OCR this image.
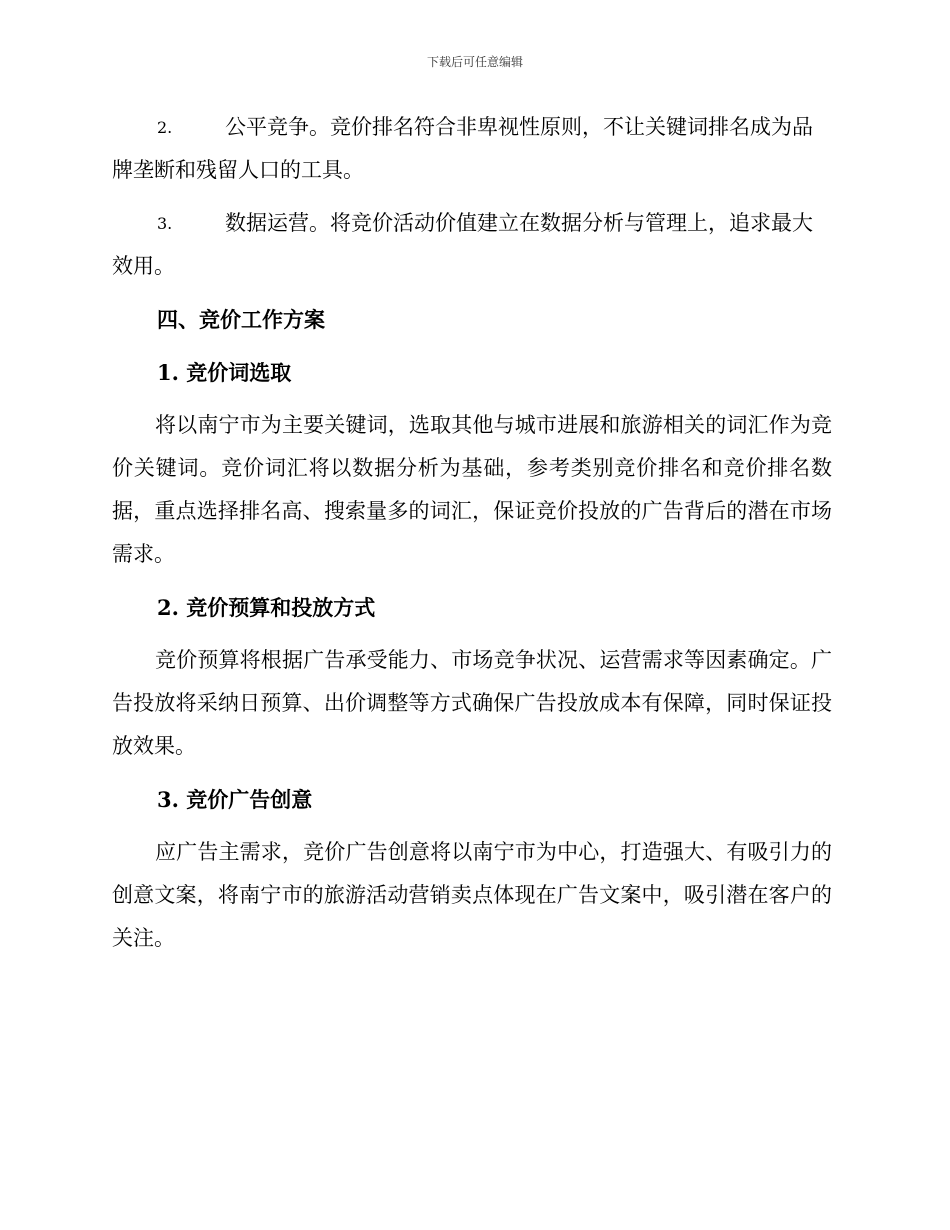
下载后可任意编辑
2.	公平竞争。竞价排名符合非卑视性原则，不让关键词排名成为品牌垄断和残留人口的工具。
3.	数据运营。将竞价活动价值建立在数据分析与管理上，追求最大效用。
四、竞价工作方案
1. 竞价词选取

将以南宁市为主要关键词，选取其他与城市进展和旅游相关的词汇作为竞价关键词。竞价词汇将以数据分析为基础，参考类别竞价排名和竞价排名数据，重点选择排名高、搜索量多的词汇，保证竞价投放的广告背后的潜在市场需求。

2. 竞价预算和投放方式

竞价预算将根据广告承受能力、市场竞争状况、运营需求等因素确定。广告投放将采纳日预算、出价调整等方式确保广告投放成本有保障，同时保证投放效果。

3. 竞价广告创意

应广告主需求，竞价广告创意将以南宁市为中心，打造强大、有吸引力的创意文案，将南宁市的旅游活动营销卖点体现在广告文案中，吸引潜在客户的关注。
